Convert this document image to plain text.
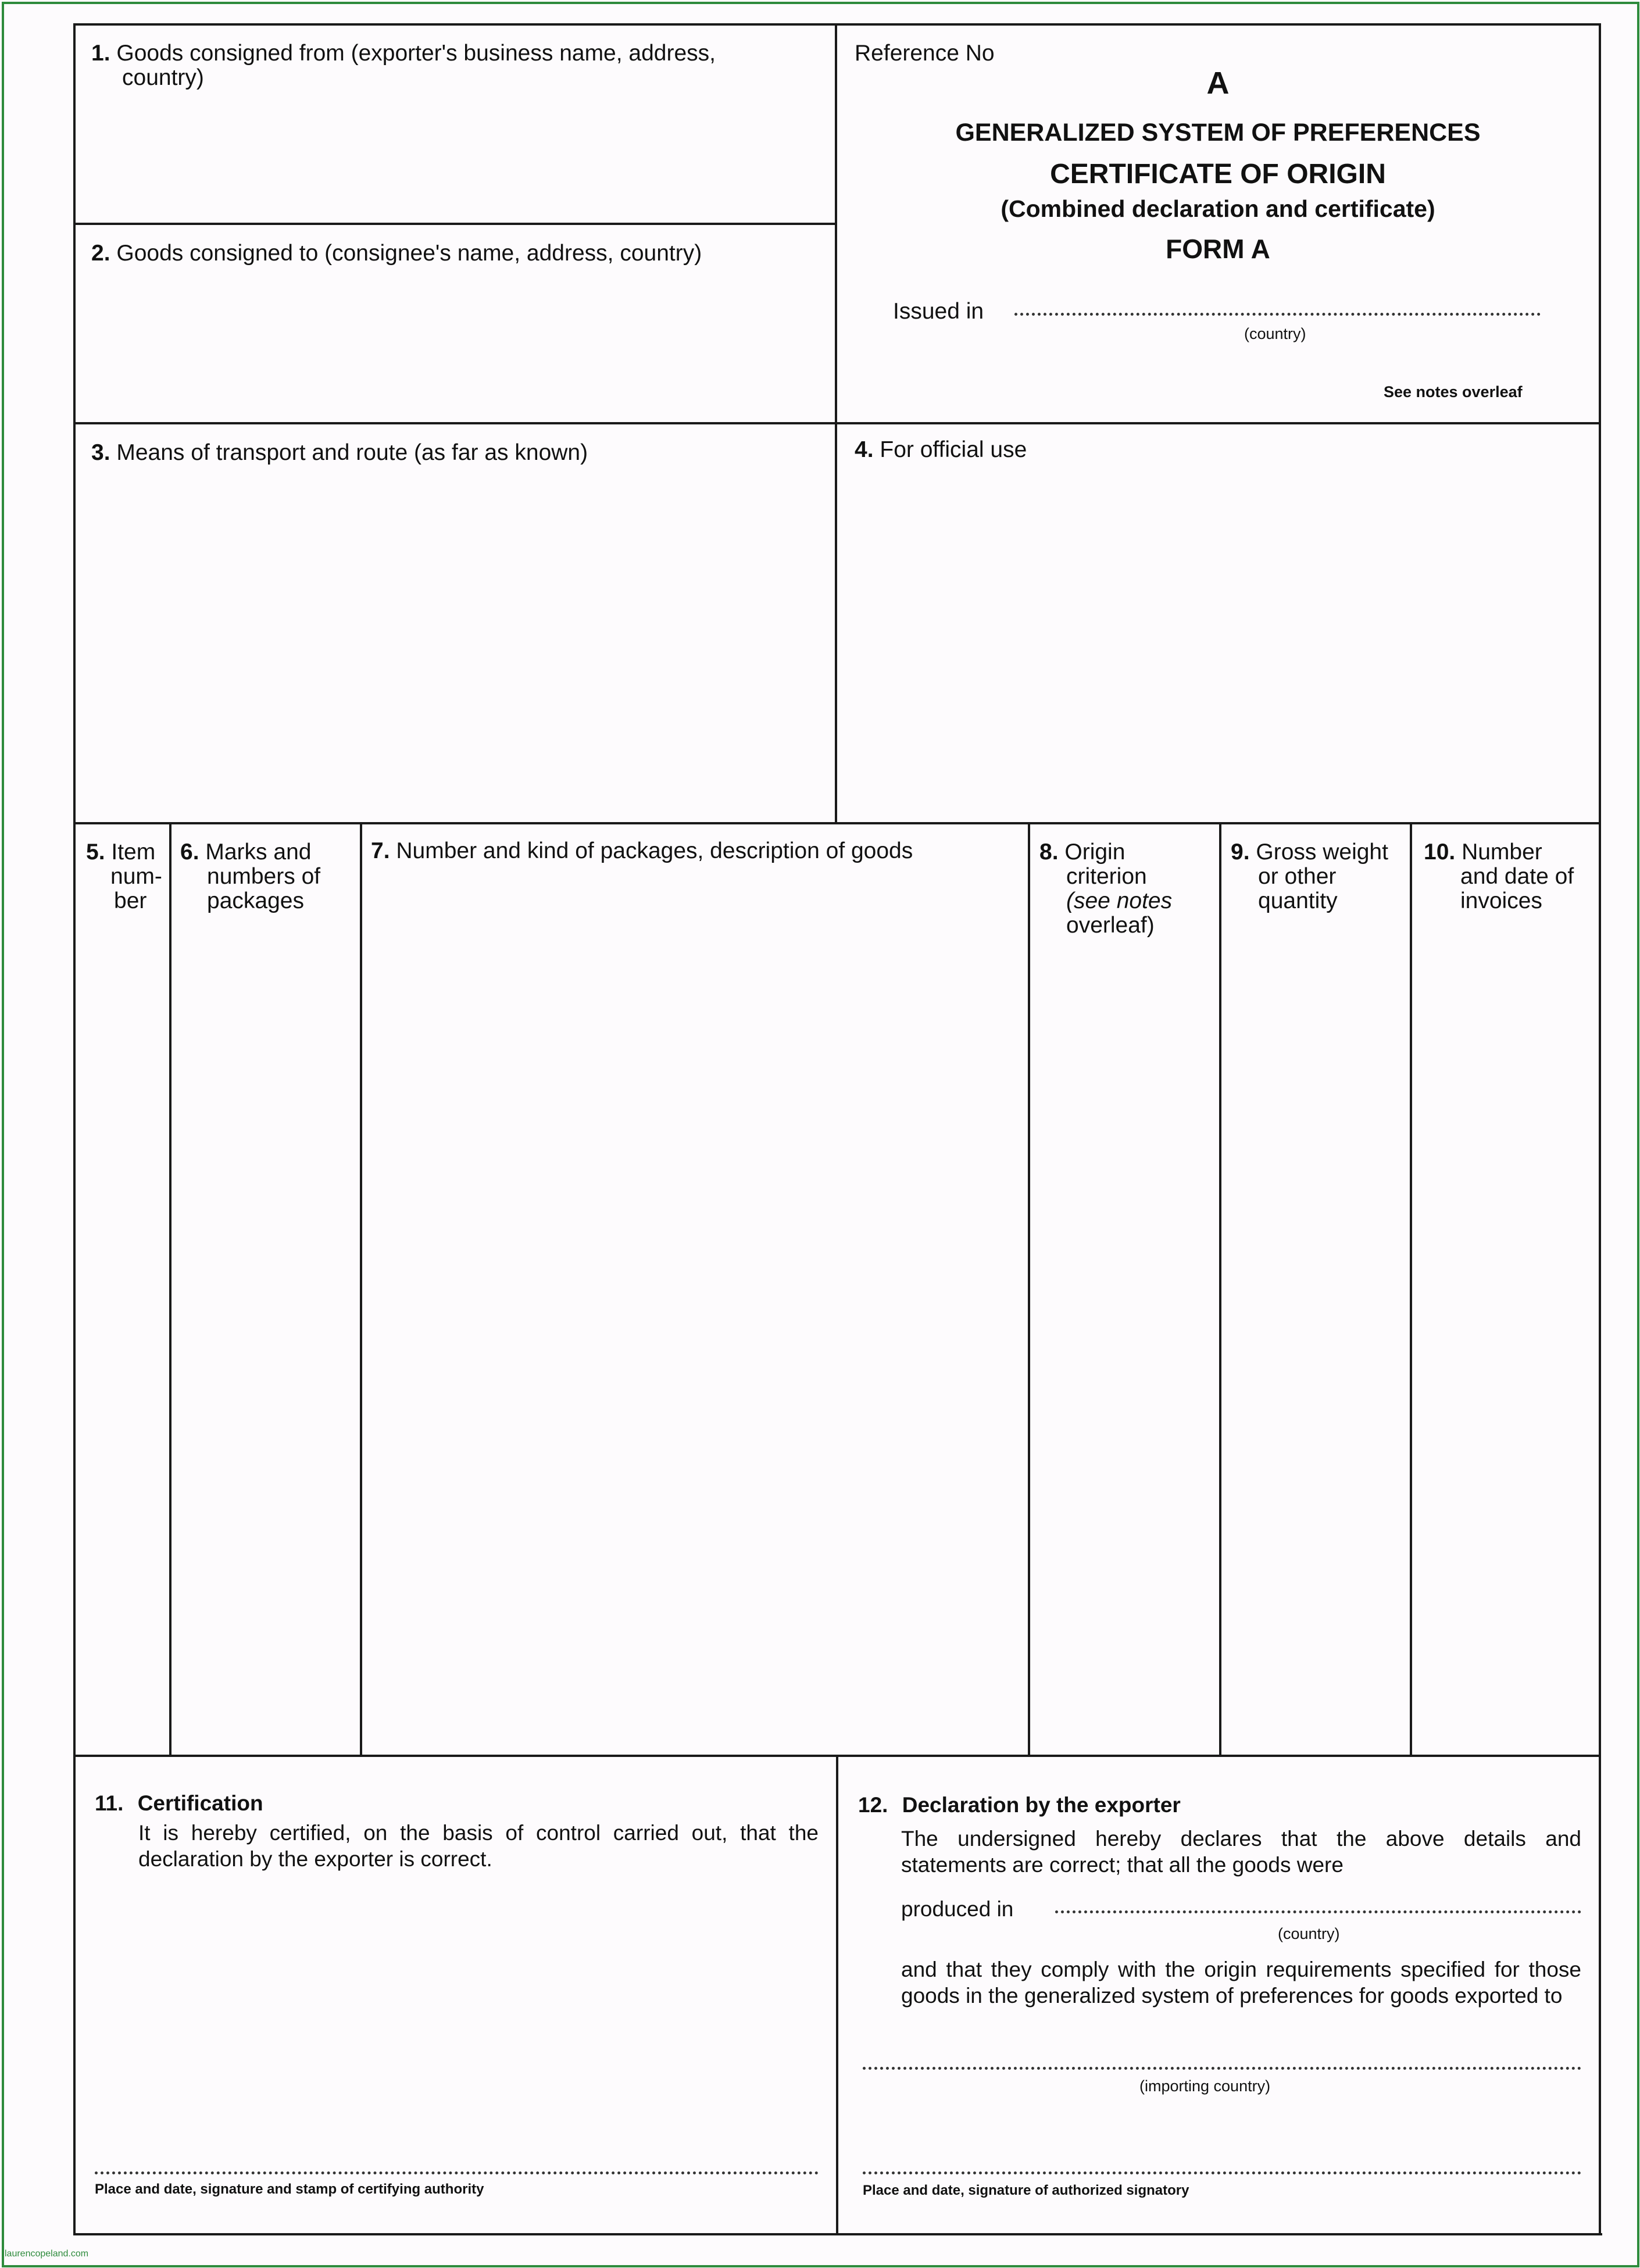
1. Goods consigned from (exporter's business name, address,
country)
2. Goods consigned to (consignee's name, address, country)
Reference No
A
GENERALIZED SYSTEM OF PREFERENCES
CERTIFICATE OF ORIGIN
(Combined declaration and certificate)
FORM A
Issued in
(country)
See notes overleaf
3. Means of transport and route (as far as known)	4. For official use
5. Item
num-
ber
6. Marks and
numbers of
packages
7. Number and kind of packages, description of goods	8. Origin
criterion
(see notes
overleaf)
9. Gross weight
or other
quantity
10. Number
and date of
invoices
11. Certification

It is hereby certified, on the basis of control carried out, that the declaration by the exporter is correct.

Place and date, signature and stamp of certifying authority
12. Declaration by the exporter

The undersigned hereby declares that the above details and statements are correct; that all the goods were

produced in
(country)

and that they comply with the origin requirements specified for those goods in the generalized system of preferences for goods exported to

(importing country)
Place and date, signature of authorized signatory
laurencopeland.com
